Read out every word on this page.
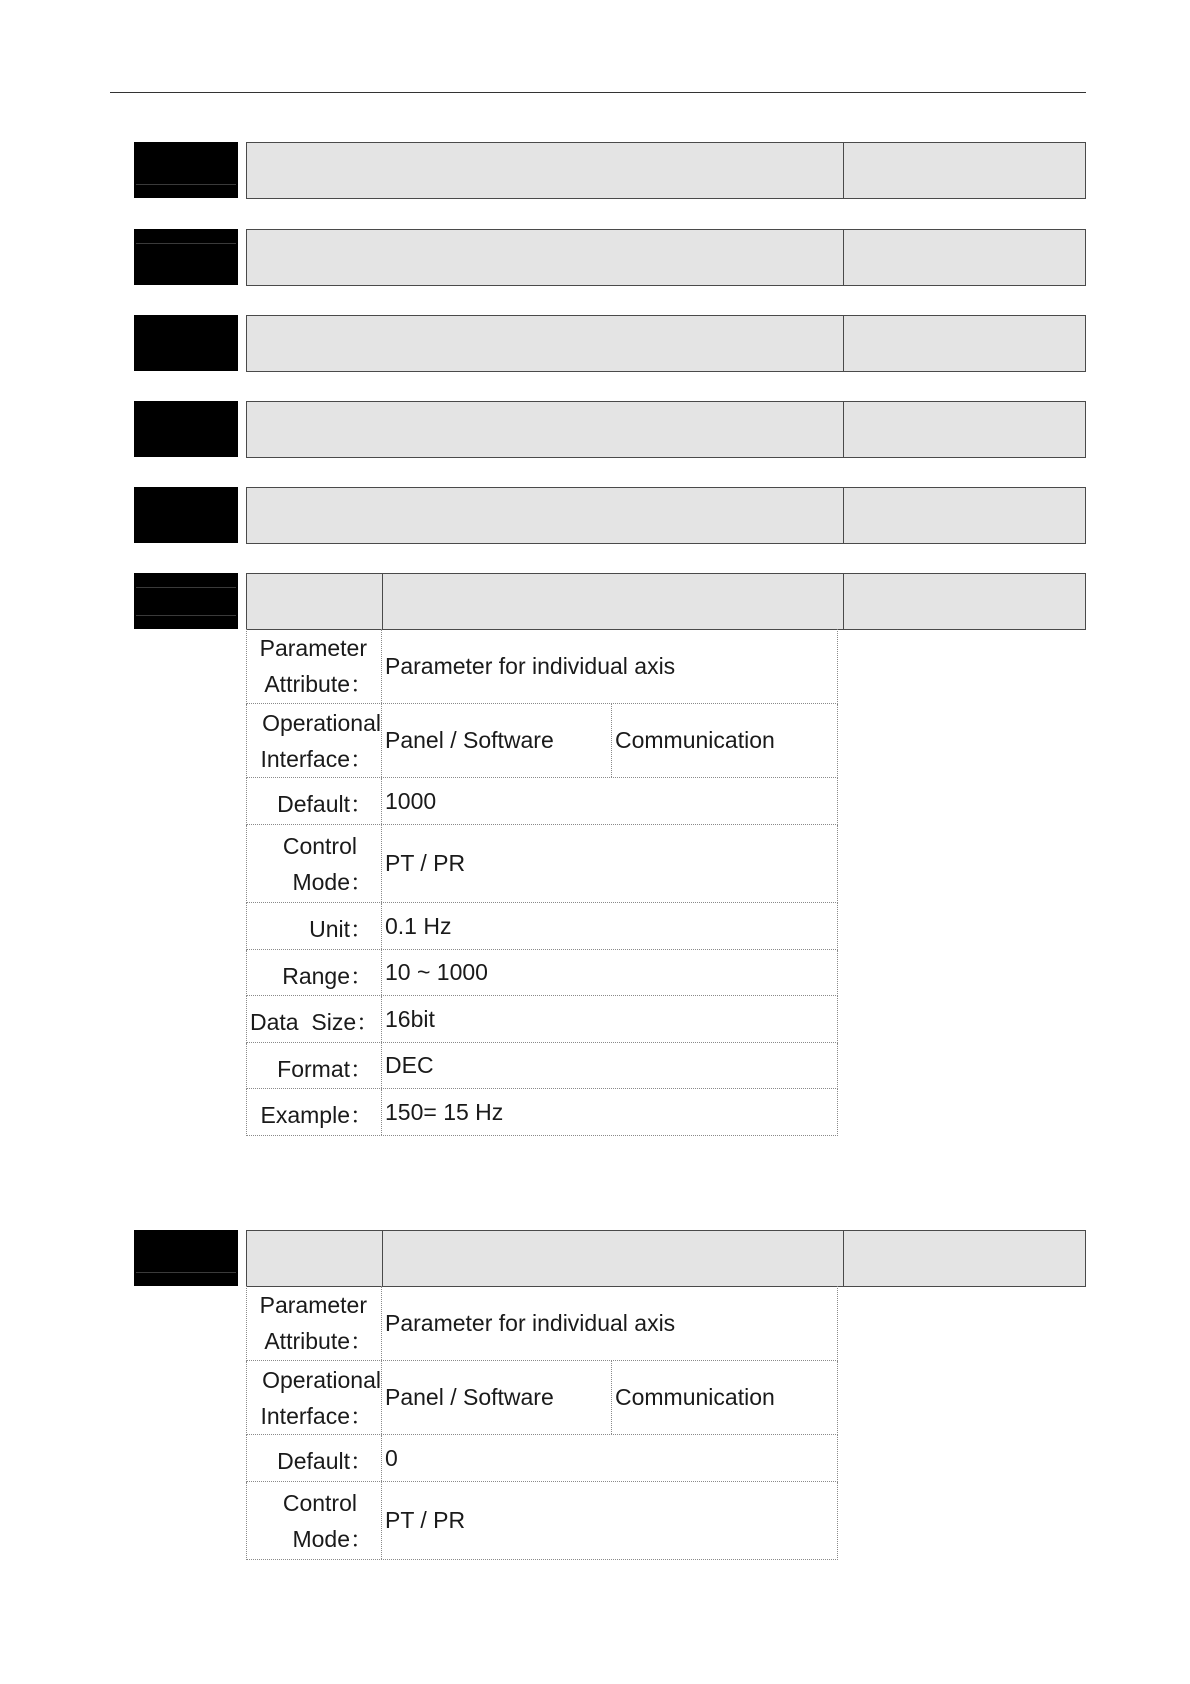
Parameter
Attribute：
Parameter for individual axis
Operational
Interface：
Panel / Software	Communication
Default： 1000
Control
Mode：
PT / PR
Unit： 0.1 Hz
Range： 10 ~ 1000
Data  Size： 16bit
Format： DEC
Example： 150= 15 Hz
Parameter
Attribute：
Parameter for individual axis
Operational
Interface：
Panel / Software	Communication
Default： 0
Control
Mode：
PT / PR
